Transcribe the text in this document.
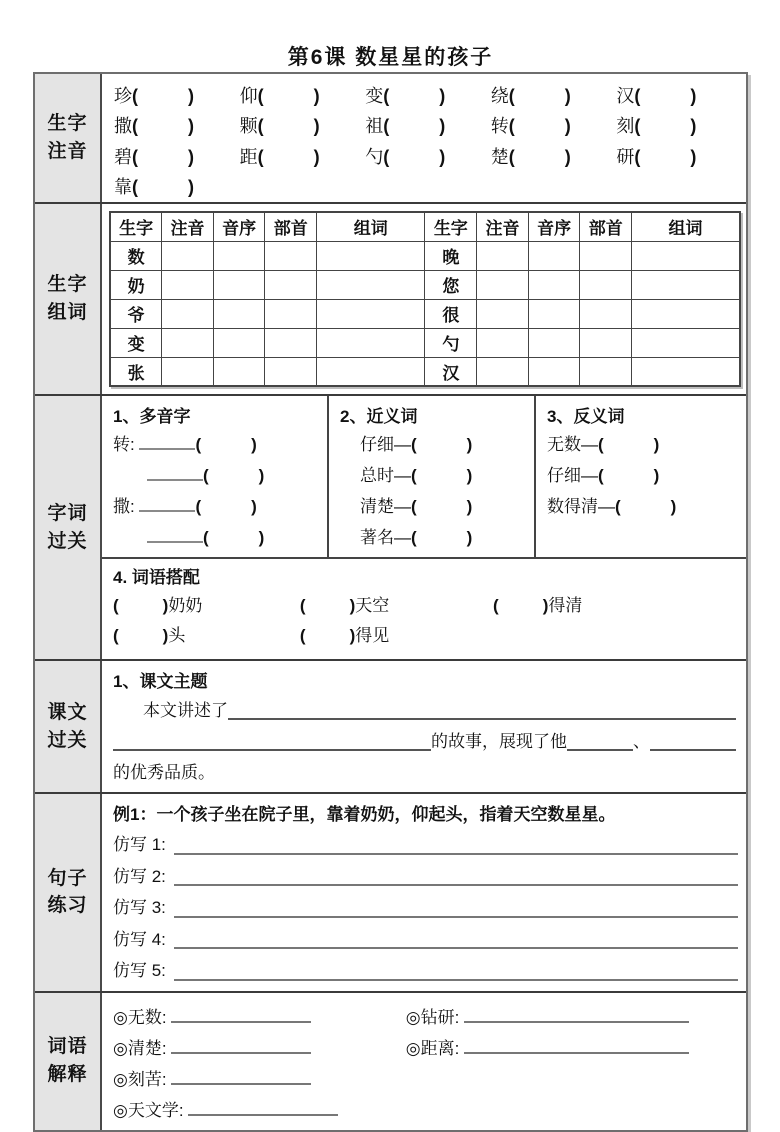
第6课 数星星的孩子
生字注音
珍(	)	仰(	)	变(	)	绕(	)	汉(	)
撒(	)	颗(	)	祖(	)	转(	)	刻(	)
碧(	)	距(	)	勺(	)	楚(	)	研(	)
靠(	)
生字组词
生字	注音	音序	部首	组词	生字	注音	音序	部首	组词
数					晚				
奶					您				
爷					很				
变					勺				
张					汉				
字词过关
1、多音字
转:	(	)
(	)
撒:	(	)
(	)
2、近义词
仔细—(	)
总时—(	)
清楚—(	)
著名—(	)
3、反义词
无数—(	)
仔细—(	)
数得清—(	)
4. 词语搭配
(	)奶奶	(	)天空	(	)得清
(	)头	(	)得见
课文过关
1、课文主题
本文讲述了
的故事，展现了他	、
的优秀品质。
句子练习
例1：一个孩子坐在院子里，靠着奶奶，仰起头，指着天空数星星。
仿写 1:
仿写 2:
仿写 3:
仿写 4:
仿写 5:
词语解释
◎无数:	◎钻研:
◎清楚:	◎距离:
◎刻苦:
◎天文学:
